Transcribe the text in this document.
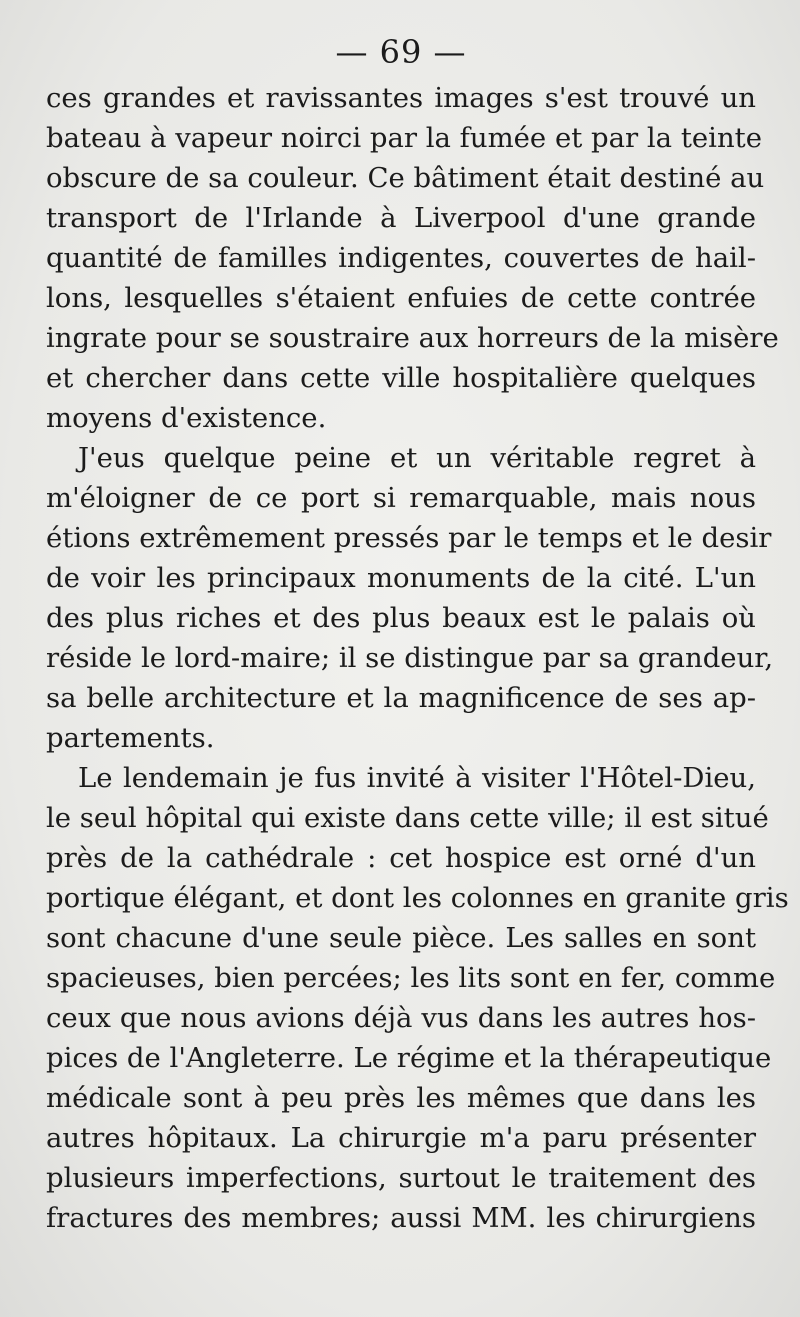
— 69 —
ces grandes et ravissantes images s'est trouvé un
bateau à vapeur noirci par la fumée et par la teinte
obscure de sa couleur. Ce bâtiment était destiné au
transport de l'Irlande à Liverpool d'une grande
quantité de familles indigentes, couvertes de hail-
lons, lesquelles s'étaient enfuies de cette contrée
ingrate pour se soustraire aux horreurs de la misère
et chercher dans cette ville hospitalière quelques
moyens d'existence.
J'eus quelque peine et un véritable regret à
m'éloigner de ce port si remarquable, mais nous
étions extrêmement pressés par le temps et le desir
de voir les principaux monuments de la cité. L'un
des plus riches et des plus beaux est le palais où
réside le lord-maire; il se distingue par sa grandeur,
sa belle architecture et la magnificence de ses ap-
partements.
Le lendemain je fus invité à visiter l'Hôtel-Dieu,
le seul hôpital qui existe dans cette ville; il est situé
près de la cathédrale : cet hospice est orné d'un
portique élégant, et dont les colonnes en granite gris
sont chacune d'une seule pièce. Les salles en sont
spacieuses, bien percées; les lits sont en fer, comme
ceux que nous avions déjà vus dans les autres hos-
pices de l'Angleterre. Le régime et la thérapeutique
médicale sont à peu près les mêmes que dans les
autres hôpitaux. La chirurgie m'a paru présenter
plusieurs imperfections, surtout le traitement des
fractures des membres; aussi MM. les chirurgiens
